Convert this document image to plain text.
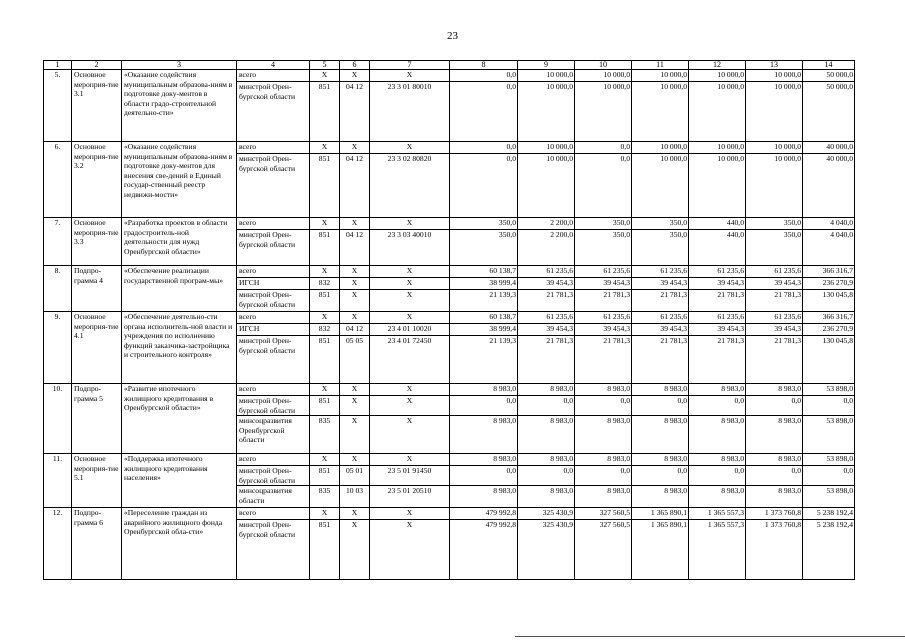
23
1	2	3	4	5	6	7	8	9	10	11	12	13	14
5.	Основное мероприя-тие 3.1	«Оказание содействия муниципальным образова-ниям в подготовке доку-ментов в области градо-строительной деятельно-сти»	всего	X	X	X	0,0	10 000,0	10 000,0	10 000,0	10 000,0	10 000,0	50 000,0
			минстрой Орен-бургской области	851	04 12	23 3 01 80010	0,0	10 000,0	10 000,0	10 000,0	10 000,0	10 000,0	50 000,0
6.	Основное мероприя-тие 3.2	«Оказание содействия муниципальным образова-ниям в подготовке доку-ментов для внесения све-дений в Единый государ-ственный реестр недвижи-мости»	всего	X	X	X	0,0	10 000,0	0,0	10 000,0	10 000,0	10 000,0	40 000,0
			минстрой Орен-бургской области	851	04 12	23 3 02 80820	0,0	10 000,0	0,0	10 000,0	10 000,0	10 000,0	40 000,0
7.	Основное мероприя-тие 3.3	«Разработка проектов в области градостроитель-ной деятельности для нужд Оренбургской области»	всего	X	X	X	350,0	2 200,0	350,0	350,0	440,0	350,0	4 040,0
			минстрой Орен-бургской области	851	04 12	23 3 03 40010	350,0	2 200,0	350,0	350,0	440,0	350,0	4 040,0
8.	Подпро-грамма 4	«Обеспечение реализации государственной програм-мы»	всего	X	X	X	60 138,7	61 235,6	61 235,6	61 235,6	61 235,6	61 235,6	366 316,7
			ИГСН	832	X	X	38 999,4	39 454,3	39 454,3	39 454,3	39 454,3	39 454,3	236 270,9
			минстрой Орен-бургской области	851	X	X	21 139,3	21 781,3	21 781,3	21 781,3	21 781,3	21 781,3	130 045,8
9.	Основное мероприя-тие 4.1	«Обеспечение деятельно-сти органа исполнитель-ной власти и учреждения по исполнению функций заказчика-застройщика и строительного контроля»	всего	X	X	X	60 138,7	61 235,6	61 235,6	61 235,6	61 235,6	61 235,6	366 316,7
			ИГСН	832	04 12	23 4 01 10020	38 999,4	39 454,3	39 454,3	39 454,3	39 454,3	39 454,3	236 270,9
			минстрой Орен-бургской области	851	05 05	23 4 01 72450	21 139,3	21 781,3	21 781,3	21 781,3	21 781,3	21 781,3	130 045,8
10.	Подпро-грамма 5	«Развитие ипотечного жилищного кредитования в Оренбургской области»	всего	X	X	X	8 983,0	8 983,0	8 983,0	8 983,0	8 983,0	8 983,0	53 898,0
			минстрой Орен-бургской области	851	X	X	0,0	0,0	0,0	0,0	0,0	0,0	0,0
			минсоцразвития Оренбургской области	835	X	X	8 983,0	8 983,0	8 983,0	8 983,0	8 983,0	8 983,0	53 898,0
11.	Основное мероприя-тие 5.1	«Поддержка ипотечного жилищного кредитования населения»	всего	X	X	X	8 983,0	8 983,0	8 983,0	8 983,0	8 983,0	8 983,0	53 898,0
			минстрой Орен-бургской области	851	05 01	23 5 01 91450	0,0	0,0	0,0	0,0	0,0	0,0	0,0
			минсоцразвития области	835	10 03	23 5 01 20510	8 983,0	8 983,0	8 983,0	8 983,0	8 983,0	8 983,0	53 898,0
12.	Подпро-грамма 6	«Переселение граждан из аварийного жилищного фонда Оренбургской обла-сти»	всего	X	X	X	479 992,8	325 430,9	327 560,5	1 365 890,1	1 365 557,3	1 373 760,8	5 238 192,4
			минстрой Орен-бургской области	851	X	X	479 992,8	325 430,9	327 560,5	1 365 890,1	1 365 557,3	1 373 760,8	5 238 192,4
